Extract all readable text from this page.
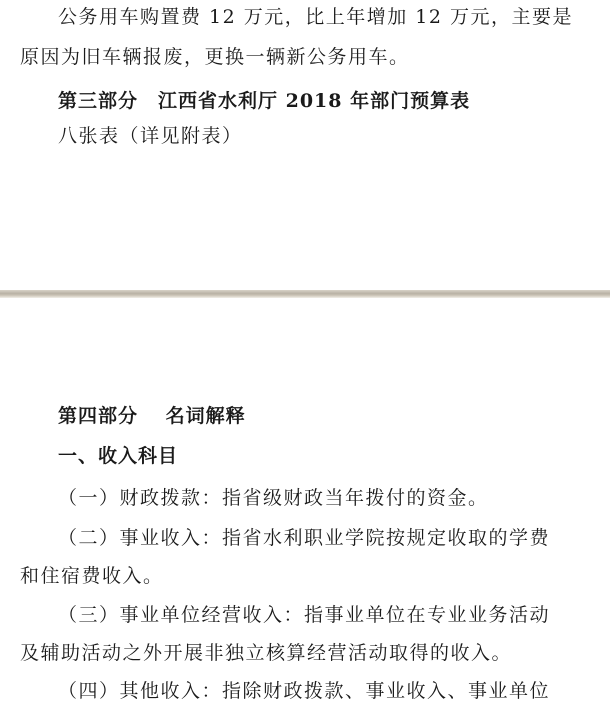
公务用车购置费 12 万元，比上年增加 12 万元，主要是
原因为旧车辆报废，更换一辆新公务用车。
第三部分　江西省水利厅 2018 年部门预算表
八张表（详见附表）
第四部分　 名词解释
一、收入科目
（一）财政拨款：指省级财政当年拨付的资金。
（二）事业收入：指省水利职业学院按规定收取的学费
和住宿费收入。
（三）事业单位经营收入：指事业单位在专业业务活动
及辅助活动之外开展非独立核算经营活动取得的收入。
（四）其他收入：指除财政拨款、事业收入、事业单位
